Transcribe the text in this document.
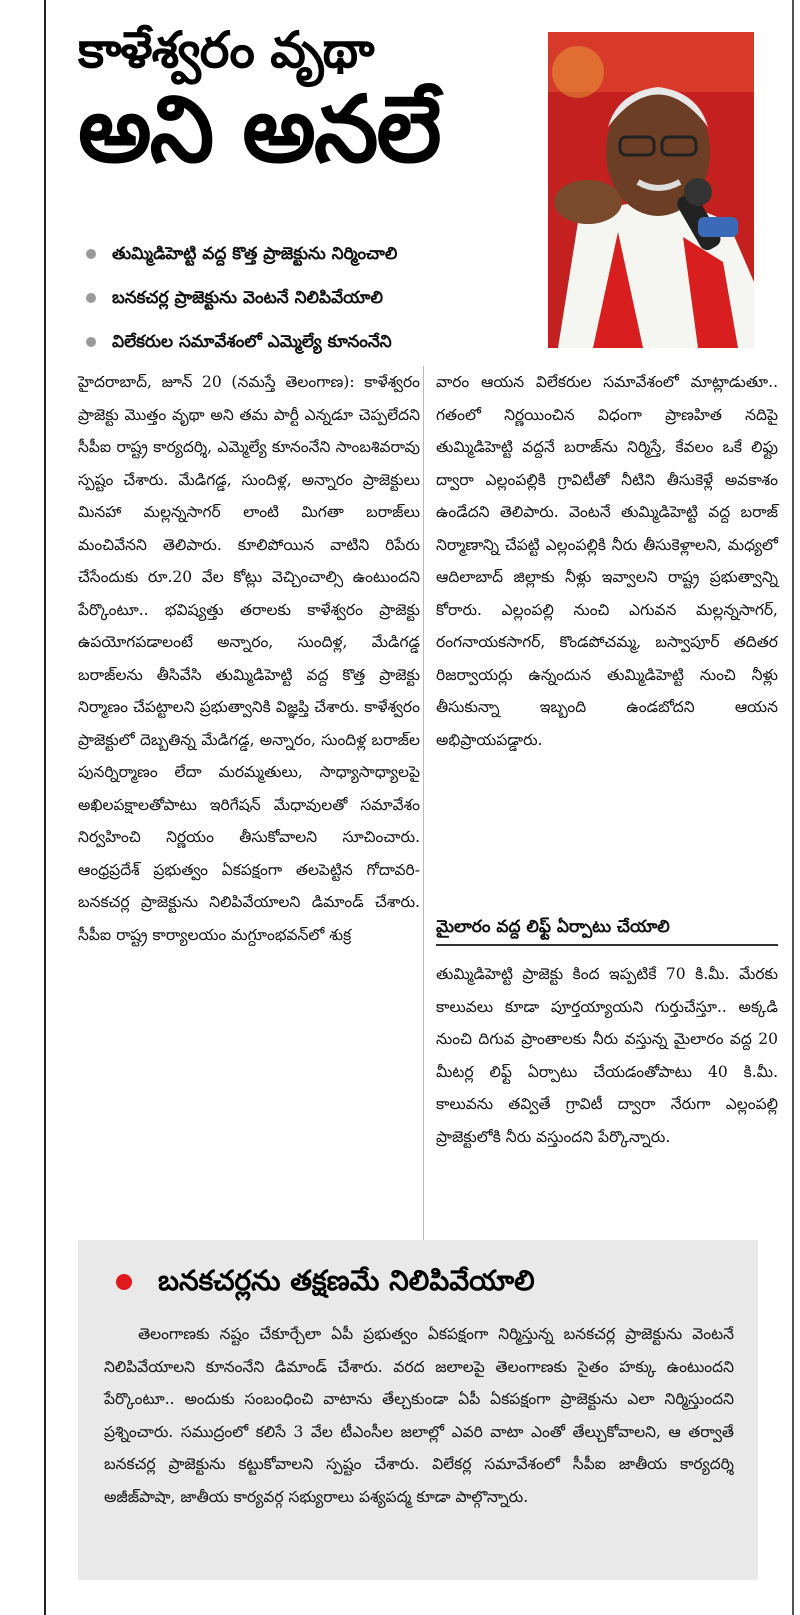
కాళేశ్వరం వృథా
అని అనలే
తుమ్మిడిహెట్టి వద్ద కొత్త ప్రాజెక్టును నిర్మించాలి
బనకచర్ల ప్రాజెక్టును వెంటనే నిలిపివేయాలి
విలేకరుల సమావేశంలో ఎమ్మెల్యే కూనంనేని

హైదరాబాద్, జూన్ 20 (నమస్తే తెలంగాణ): కాళేశ్వరం ప్రాజెక్టు మొత్తం వృథా అని తమ పార్టీ ఎన్నడూ చెప్పలేదని సీపీఐ రాష్ట్ర కార్యదర్శి, ఎమ్మెల్యే కూనంనేని సాంబశివరావు స్పష్టం చేశారు. మేడిగడ్డ, సుందిళ్ల, అన్నారం ప్రాజెక్టులు మినహా మల్లన్నసాగర్ లాంటి మిగతా బరాజ్‌లు మంచివేనని తెలిపారు. కూలిపోయిన వాటిని రిపేరు చేసేందుకు రూ.20 వేల కోట్లు వెచ్చించాల్సి ఉంటుందని పేర్కొంటూ.. భవిష్యత్తు తరాలకు కాళేశ్వరం ప్రాజెక్టు ఉపయోగపడాలంటే అన్నారం, సుందిళ్ల, మేడిగడ్డ బరాజ్‌లను తీసివేసి తుమ్మిడిహెట్టి వద్ద కొత్త ప్రాజెక్టు నిర్మాణం చేపట్టాలని ప్రభుత్వానికి విజ్ఞప్తి చేశారు. కాళేశ్వరం ప్రాజెక్టులో దెబ్బతిన్న మేడిగడ్డ, అన్నారం, సుందిళ్ల బరాజ్‌ల పునర్నిర్మాణం లేదా మరమ్మతులు, సాధ్యాసాధ్యాలపై అఖిలపక్షాలతోపాటు ఇరిగేషన్ మేధావులతో సమావేశం నిర్వహించి నిర్ణయం తీసుకోవాలని సూచించారు. ఆంధ్రప్రదేశ్ ప్రభుత్వం ఏకపక్షంగా తలపెట్టిన గోదావరి-బనకచర్ల ప్రాజెక్టును నిలిపివేయాలని డిమాండ్ చేశారు. సీపీఐ రాష్ట్ర కార్యాలయం మగ్దూంభవన్‌లో శుక్ర

వారం ఆయన విలేకరుల సమావేశంలో మాట్లాడుతూ.. గతంలో నిర్ణయించిన విధంగా ప్రాణహిత నదిపై తుమ్మిడిహెట్టి వద్దనే బరాజ్‌ను నిర్మిస్తే, కేవలం ఒకే లిఫ్టు ద్వారా ఎల్లంపల్లికి గ్రావిటీతో నీటిని తీసుకెళ్లే అవకాశం ఉండేదని తెలిపారు. వెంటనే తుమ్మిడిహెట్టి వద్ద బరాజ్ నిర్మాణాన్ని చేపట్టి ఎల్లంపల్లికి నీరు తీసుకెళ్లాలని, మధ్యలో ఆదిలాబాద్ జిల్లాకు నీళ్లు ఇవ్వాలని రాష్ట్ర ప్రభుత్వాన్ని కోరారు. ఎల్లంపల్లి నుంచి ఎగువన మల్లన్నసాగర్, రంగనాయకసాగర్, కొండపోచమ్మ, బస్వాపూర్ తదితర రిజర్వాయర్లు ఉన్నందున తుమ్మిడిహెట్టి నుంచి నీళ్లు తీసుకున్నా ఇబ్బంది ఉండబోదని ఆయన అభిప్రాయపడ్డారు.

మైలారం వద్ద లిఫ్ట్ ఏర్పాటు చేయాలి

తుమ్మిడిహెట్టి ప్రాజెక్టు కింద ఇప్పటికే 70 కి.మీ. మేరకు కాలువలు కూడా పూర్తయ్యాయని గుర్తుచేస్తూ.. అక్కడి నుంచి దిగువ ప్రాంతాలకు నీరు వస్తున్న మైలారం వద్ద 20 మీటర్ల లిఫ్ట్ ఏర్పాటు చేయడంతోపాటు 40 కి.మీ. కాలువను తవ్వితే గ్రావిటీ ద్వారా నేరుగా ఎల్లంపల్లి ప్రాజెక్టులోకి నీరు వస్తుందని పేర్కొన్నారు.

బనకచర్లను తక్షణమే నిలిపివేయాలి

తెలంగాణకు నష్టం చేకూర్చేలా ఏపీ ప్రభుత్వం ఏకపక్షంగా నిర్మిస్తున్న బనకచర్ల ప్రాజెక్టును వెంటనే నిలిపివేయాలని కూనంనేని డిమాండ్ చేశారు. వరద జలాలపై తెలంగాణకు సైతం హక్కు ఉంటుందని పేర్కొంటూ.. అందుకు సంబంధించి వాటాను తేల్చకుండా ఏపీ ఏకపక్షంగా ప్రాజెక్టును ఎలా నిర్మిస్తుందని ప్రశ్నించారు. సముద్రంలో కలిసే 3 వేల టీఎంసీల జలాల్లో ఎవరి వాటా ఎంతో తేల్చుకోవాలని, ఆ తర్వాతే బనకచర్ల ప్రాజెక్టును కట్టుకోవాలని స్పష్టం చేశారు. విలేకర్ల సమావేశంలో సీపీఐ జాతీయ కార్యదర్శి అజీజ్‌పాషా, జాతీయ కార్యవర్గ సభ్యురాలు పశ్యపద్మ కూడా పాల్గొన్నారు.
